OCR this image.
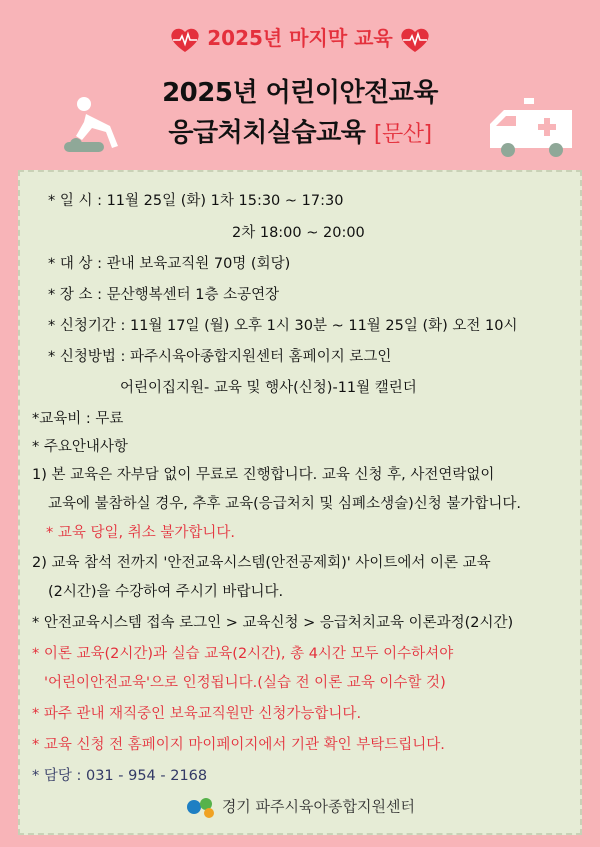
2025년 마지막 교육
2025년 어린이안전교육
응급처치실습교육 [문산]
* 일 시 : 11월 25일 (화) 1차 15:30 ~ 17:30
2차 18:00 ~ 20:00
* 대 상 : 관내 보육교직원 70명 (회당)
* 장 소 : 문산행복센터 1층 소공연장
* 신청기간 : 11월 17일 (월) 오후 1시 30분 ~ 11월 25일 (화) 오전 10시
* 신청방법 : 파주시육아종합지원센터 홈페이지 로그인
어린이집지원- 교육 및 행사(신청)-11월 캘린더
*교육비 : 무료
* 주요안내사항
1) 본 교육은 자부담 없이 무료로 진행합니다. 교육 신청 후, 사전연락없이
교육에 불참하실 경우, 추후 교육(응급처치 및 심폐소생술)신청 불가합니다.
* 교육 당일, 취소 불가합니다.
2) 교육 참석 전까지 '안전교육시스템(안전공제회)' 사이트에서 이론 교육
(2시간)을 수강하여 주시기 바랍니다.
* 안전교육시스템 접속 로그인 > 교육신청 > 응급처치교육 이론과정(2시간)
* 이론 교육(2시간)과 실습 교육(2시간), 총 4시간 모두 이수하셔야
'어린이안전교육'으로 인정됩니다.(실습 전 이론 교육 이수할 것)
* 파주 관내 재직중인 보육교직원만 신청가능합니다.
* 교육 신청 전 홈페이지 마이페이지에서 기관 확인 부탁드립니다.
* 담당 : 031 - 954 - 2168
경기 파주시육아종합지원센터
